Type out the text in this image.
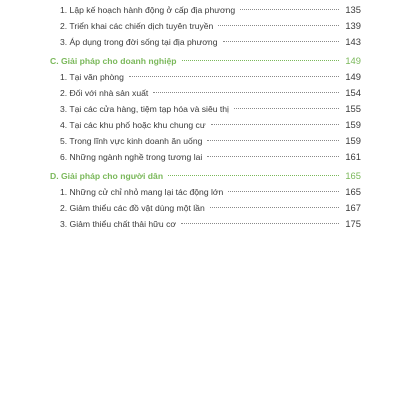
1. Lập kế hoạch hành động ở cấp địa phương	135
2. Triển khai các chiến dịch tuyên truyền	139
3. Áp dụng trong đời sống tại địa phương	143
C. Giải pháp cho doanh nghiệp	149
1. Tại văn phòng	149
2. Đối với nhà sản xuất	154
3. Tại các cửa hàng, tiệm tạp hóa và siêu thị	155
4. Tại các khu phố hoặc khu chung cư	159
5. Trong lĩnh vực kinh doanh ăn uống	159
6. Những ngành nghề trong tương lai	161
D. Giải pháp cho người dân	165
1. Những cử chỉ nhỏ mang lại tác động lớn	165
2. Giảm thiểu các đồ vật dùng một lần	167
3. Giảm thiểu chất thải hữu cơ	175
